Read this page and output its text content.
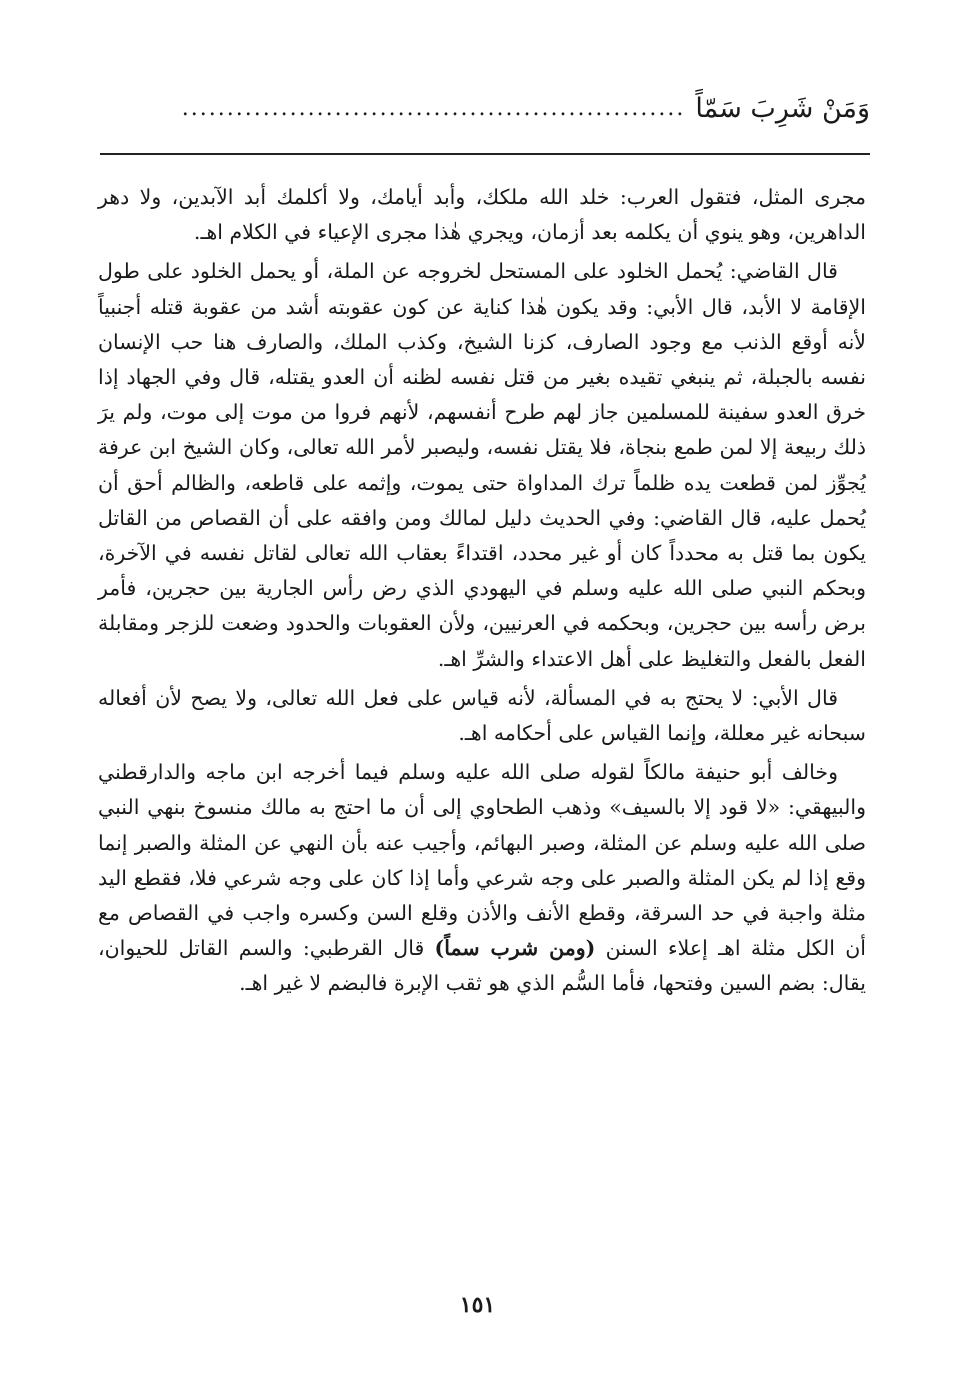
وَمَنْ شَرِبَ سَمّاً
........................................................

مجرى المثل، فتقول العرب: خلد الله ملكك، وأبد أيامك، ولا أكلمك أبد الآبدين، ولا دهر الداهرين، وهو ينوي أن يكلمه بعد أزمان، ويجري هٰذا مجرى الإعياء في الكلام اهـ.

قال القاضي: يُحمل الخلود على المستحل لخروجه عن الملة، أو يحمل الخلود على طول الإقامة لا الأبد، قال الأبي: وقد يكون هٰذا كناية عن كون عقوبته أشد من عقوبة قتله أجنبياً لأنه أوقع الذنب مع وجود الصارف، كزنا الشيخ، وكذب الملك، والصارف هنا حب الإنسان نفسه بالجبلة، ثم ينبغي تقيده بغير من قتل نفسه لظنه أن العدو يقتله، قال وفي الجهاد إذا خرق العدو سفينة للمسلمين جاز لهم طرح أنفسهم، لأنهم فروا من موت إلى موت، ولم يرَ ذلك ربيعة إلا لمن طمع بنجاة، فلا يقتل نفسه، وليصبر لأمر الله تعالى، وكان الشيخ ابن عرفة يُجوِّز لمن قطعت يده ظلماً ترك المداواة حتى يموت، وإثمه على قاطعه، والظالم أحق أن يُحمل عليه، قال القاضي: وفي الحديث دليل لمالك ومن وافقه على أن القصاص من القاتل يكون بما قتل به محدداً كان أو غير محدد، اقتداءً بعقاب الله تعالى لقاتل نفسه في الآخرة، وبحكم النبي صلى الله عليه وسلم في اليهودي الذي رض رأس الجارية بين حجرين، فأمر برض رأسه بين حجرين، وبحكمه في العرنيين، ولأن العقوبات والحدود وضعت للزجر ومقابلة الفعل بالفعل والتغليظ على أهل الاعتداء والشرِّ اهـ.

قال الأبي: لا يحتج به في المسألة، لأنه قياس على فعل الله تعالى، ولا يصح لأن أفعاله سبحانه غير معللة، وإنما القياس على أحكامه اهـ.

وخالف أبو حنيفة مالكاً لقوله صلى الله عليه وسلم فيما أخرجه ابن ماجه والدارقطني والبيهقي: «لا قود إلا بالسيف» وذهب الطحاوي إلى أن ما احتج به مالك منسوخ بنهي النبي صلى الله عليه وسلم عن المثلة، وصبر البهائم، وأجيب عنه بأن النهي عن المثلة والصبر إنما وقع إذا لم يكن المثلة والصبر على وجه شرعي وأما إذا كان على وجه شرعي فلا، فقطع اليد مثلة واجبة في حد السرقة، وقطع الأنف والأذن وقلع السن وكسره واجب في القصاص مع أن الكل مثلة اهـ إعلاء السنن (ومن شرب سماً) قال القرطبي: والسم القاتل للحيوان، يقال: بضم السين وفتحها، فأما السُّم الذي هو ثقب الإبرة فالبضم لا غير اهـ.

١٥١
